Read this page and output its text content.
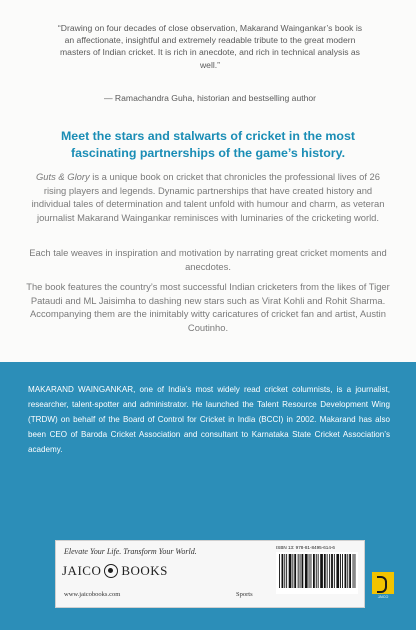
“Drawing on four decades of close observation, Makarand Waingankar’s book is an affectionate, insightful and extremely readable tribute to the great modern masters of Indian cricket. It is rich in anecdote, and rich in technical analysis as well.”
— Ramachandra Guha, historian and bestselling author
Meet the stars and stalwarts of cricket in the most fascinating partnerships of the game’s history.

Guts & Glory is a unique book on cricket that chronicles the professional lives of 26 rising players and legends. Dynamic partnerships that have created history and individual tales of determination and talent unfold with humour and charm, as veteran journalist Makarand Waingankar reminisces with luminaries of the cricketing world.

Each tale weaves in inspiration and motivation by narrating great cricket moments and anecdotes.

The book features the country’s most successful Indian cricketers from the likes of Tiger Pataudi and ML Jaisimha to dashing new stars such as Virat Kohli and Rohit Sharma. Accompanying them are the inimitably witty caricatures of cricket fan and artist, Austin Coutinho.

MAKARAND WAINGANKAR, one of India’s most widely read cricket columnists, is a journalist, researcher, talent-spotter and administrator. He launched the Talent Resource Development Wing (TRDW) on behalf of the Board of Control for Cricket in India (BCCI) in 2002. Makarand has also been CEO of Baroda Cricket Association and consultant to Karnataka State Cricket Association’s academy.

Elevate Your Life. Transform Your World.
JAICO BOOKS
www.jaicobooks.com	Sports
ISBN 13: 978-81-8495-614-6
JAICO
